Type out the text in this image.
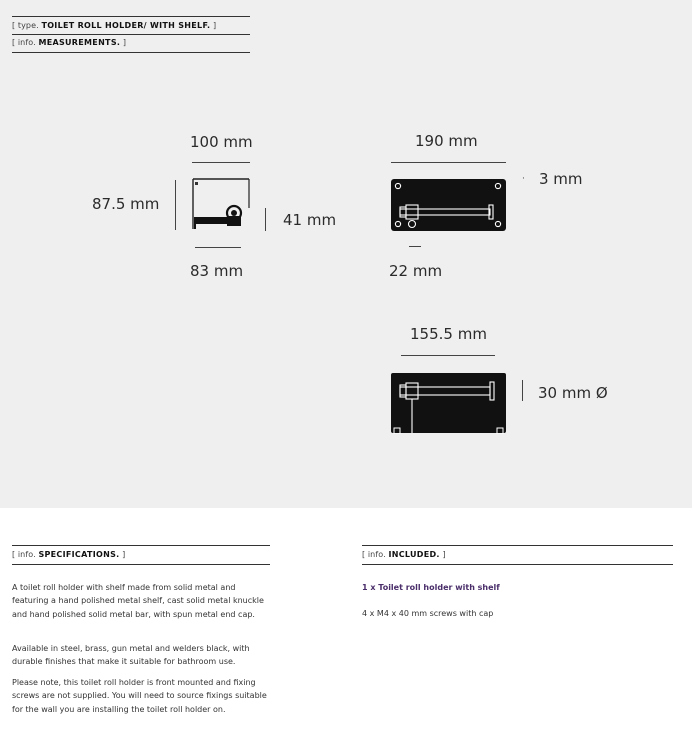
[ type. TOILET ROLL HOLDER/ WITH SHELF. ]
[ info. MEASUREMENTS. ]
100 mm
87.5 mm
41 mm
83 mm
190 mm
· 3 mm
22 mm
155.5 mm
30 mm Ø
[ info. SPECIFICATIONS. ]
A toilet roll holder with shelf made from solid metal and featuring a hand polished metal shelf, cast solid metal knuckle and hand polished solid metal bar, with spun metal end cap.
Available in steel, brass, gun metal and welders black, with durable finishes that make it suitable for bathroom use.
Please note, this toilet roll holder is front mounted and fixing screws are not supplied. You will need to source fixings suitable for the wall you are installing the toilet roll holder on.
[ info. INCLUDED. ]
1 x Toilet roll holder with shelf
4 x M4 x 40 mm screws with cap
